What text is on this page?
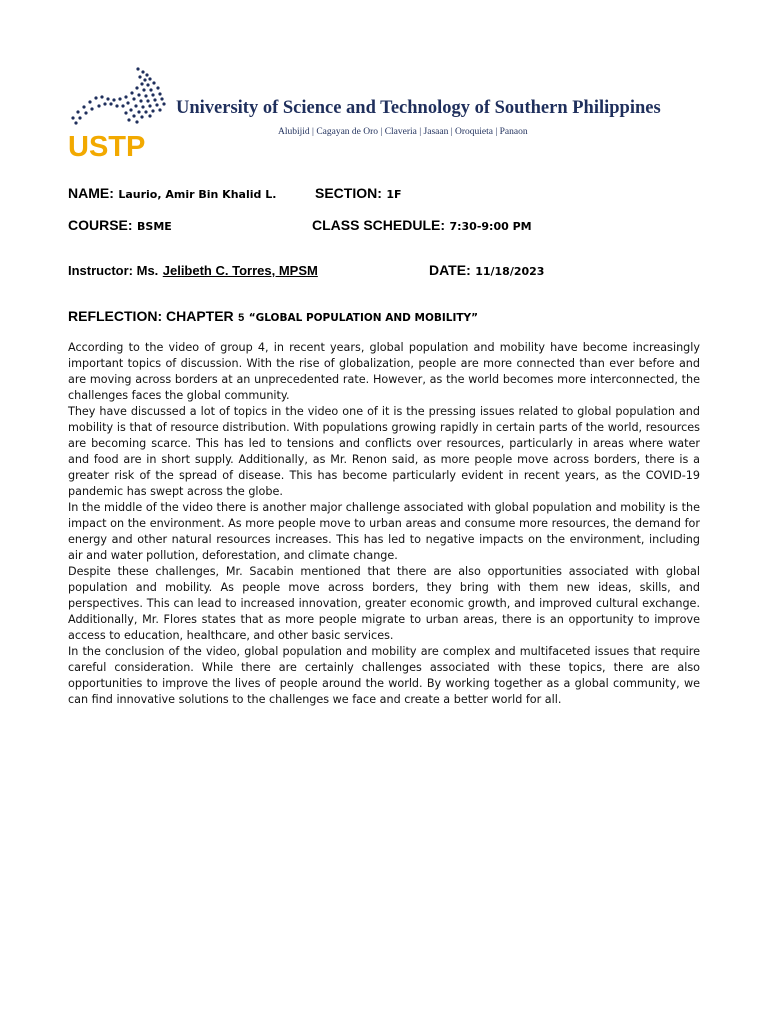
USTP
University of Science and Technology of Southern Philippines
Alubijid | Cagayan de Oro | Claveria | Jasaan | Oroquieta | Panaon
NAME: Laurio, Amir Bin Khalid L.	SECTION: 1F
COURSE: BSME	CLASS SCHEDULE: 7:30-9:00 PM
Instructor: Ms. Jelibeth C. Torres, MPSM	DATE: 11/18/2023
REFLECTION: CHAPTER 5 “GLOBAL POPULATION AND MOBILITY”

According to the video of group 4, in recent years, global population and mobility have become increasingly important topics of discussion. With the rise of globalization, people are more connected than ever before and are moving across borders at an unprecedented rate. However, as the world becomes more interconnected, the challenges faces the global community.

They have discussed a lot of topics in the video one of it is the pressing issues related to global population and mobility is that of resource distribution. With populations growing rapidly in certain parts of the world, resources are becoming scarce. This has led to tensions and conflicts over resources, particularly in areas where water and food are in short supply. Additionally, as Mr. Renon said, as more people move across borders, there is a greater risk of the spread of disease. This has become particularly evident in recent years, as the COVID-19 pandemic has swept across the globe.

In the middle of the video there is another major challenge associated with global population and mobility is the impact on the environment. As more people move to urban areas and consume more resources, the demand for energy and other natural resources increases. This has led to negative impacts on the environment, including air and water pollution, deforestation, and climate change.

Despite these challenges, Mr. Sacabin mentioned that there are also opportunities associated with global population and mobility. As people move across borders, they bring with them new ideas, skills, and perspectives. This can lead to increased innovation, greater economic growth, and improved cultural exchange. Additionally, Mr. Flores states that as more people migrate to urban areas, there is an opportunity to improve access to education, healthcare, and other basic services.

In the conclusion of the video, global population and mobility are complex and multifaceted issues that require careful consideration. While there are certainly challenges associated with these topics, there are also opportunities to improve the lives of people around the world. By working together as a global community, we can find innovative solutions to the challenges we face and create a better world for all.
